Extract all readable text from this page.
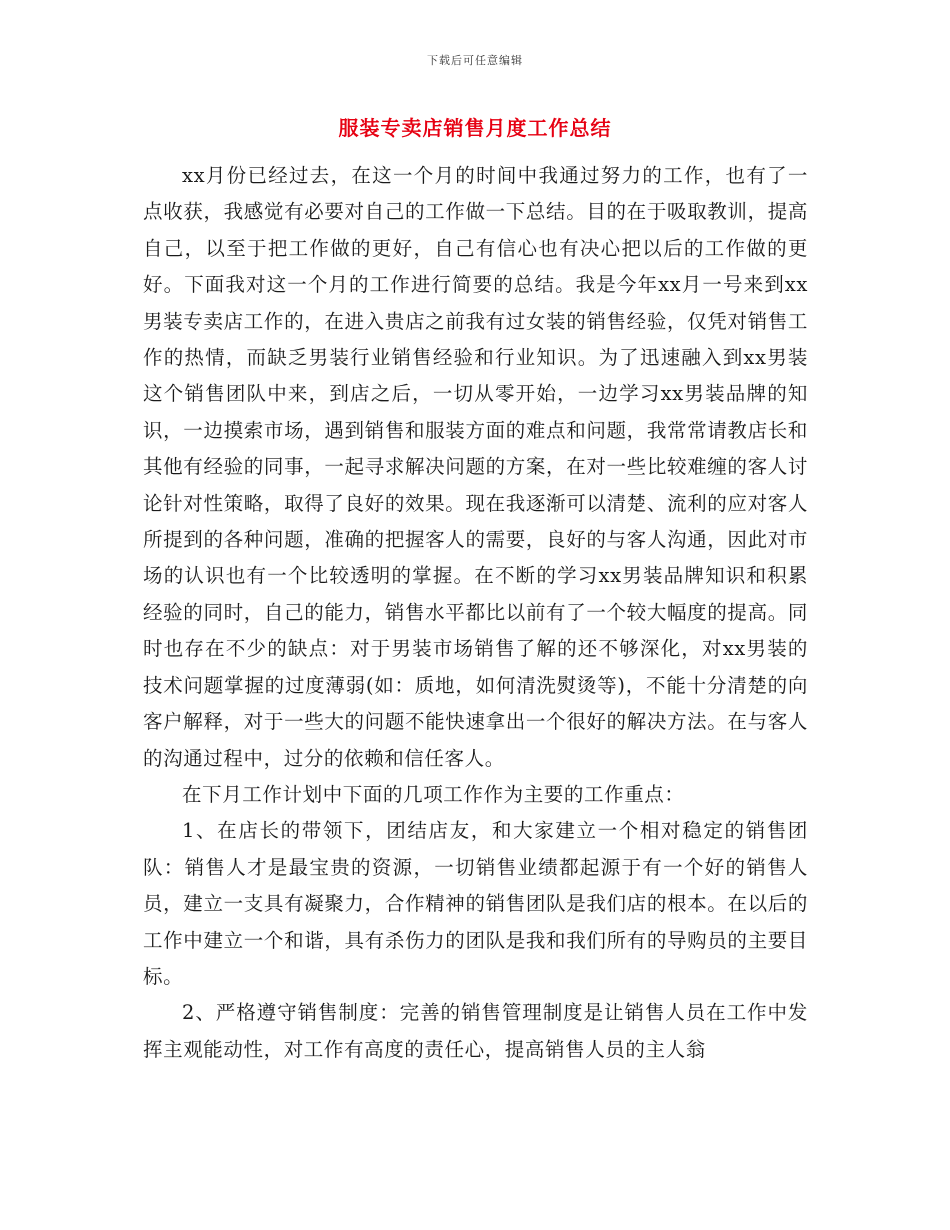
下载后可任意编辑
服装专卖店销售月度工作总结

xx月份已经过去，在这一个月的时间中我通过努力的工作，也有了一点收获，我感觉有必要对自己的工作做一下总结。目的在于吸取教训，提高自己，以至于把工作做的更好，自己有信心也有决心把以后的工作做的更好。下面我对这一个月的工作进行简要的总结。我是今年xx月一号来到xx男装专卖店工作的，在进入贵店之前我有过女装的销售经验，仅凭对销售工作的热情，而缺乏男装行业销售经验和行业知识。为了迅速融入到xx男装这个销售团队中来，到店之后，一切从零开始，一边学习xx男装品牌的知识，一边摸索市场，遇到销售和服装方面的难点和问题，我常常请教店长和其他有经验的同事，一起寻求解决问题的方案，在对一些比较难缠的客人讨论针对性策略，取得了良好的效果。现在我逐渐可以清楚、流利的应对客人所提到的各种问题，准确的把握客人的需要，良好的与客人沟通，因此对市场的认识也有一个比较透明的掌握。在不断的学习xx男装品牌知识和积累经验的同时，自己的能力，销售水平都比以前有了一个较大幅度的提高。同时也存在不少的缺点：对于男装市场销售了解的还不够深化，对xx男装的技术问题掌握的过度薄弱(如：质地，如何清洗熨烫等)，不能十分清楚的向客户解释，对于一些大的问题不能快速拿出一个很好的解决方法。在与客人的沟通过程中，过分的依赖和信任客人。

在下月工作计划中下面的几项工作作为主要的工作重点：

1、在店长的带领下，团结店友，和大家建立一个相对稳定的销售团队：销售人才是最宝贵的资源，一切销售业绩都起源于有一个好的销售人员，建立一支具有凝聚力，合作精神的销售团队是我们店的根本。在以后的工作中建立一个和谐，具有杀伤力的团队是我和我们所有的导购员的主要目标。

2、严格遵守销售制度：完善的销售管理制度是让销售人员在工作中发挥主观能动性，对工作有高度的责任心，提高销售人员的主人翁
